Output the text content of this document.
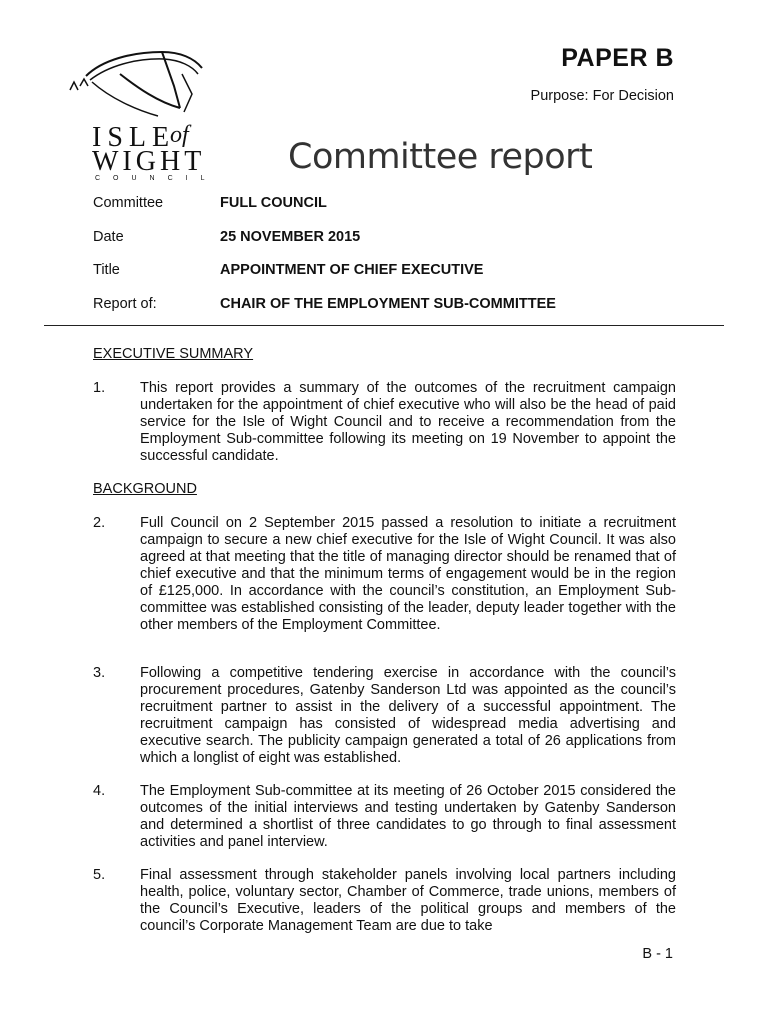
PAPER B
Purpose: For Decision
ISLE
of
WIGHT
COUNCIL
Committee report
Committee	FULL COUNCIL
Date	25 NOVEMBER 2015
Title	APPOINTMENT OF CHIEF EXECUTIVE
Report of:	CHAIR OF THE EMPLOYMENT SUB-COMMITTEE
EXECUTIVE SUMMARY
1.	This report provides a summary of the outcomes of the recruitment campaign undertaken for the appointment of chief executive who will also be the head of paid service for the Isle of Wight Council and to receive a recommendation from the Employment Sub-committee following its meeting on 19 November to appoint the successful candidate.
BACKGROUND
2.	Full Council on 2 September 2015 passed a resolution to initiate a recruitment campaign to secure a new chief executive for the Isle of Wight Council. It was also agreed at that meeting that the title of managing director should be renamed that of chief executive and that the minimum terms of engagement would be in the region of £125,000. In accordance with the council’s constitution, an Employment Sub-committee was established consisting of the leader, deputy leader together with the other members of the Employment Committee.
3.	Following a competitive tendering exercise in accordance with the council’s procurement procedures, Gatenby Sanderson Ltd was appointed as the council’s recruitment partner to assist in the delivery of a successful appointment. The recruitment campaign has consisted of widespread media advertising and executive search. The publicity campaign generated a total of 26 applications from which a longlist of eight was established.
4.	The Employment Sub-committee at its meeting of 26 October 2015 considered the outcomes of the initial interviews and testing undertaken by Gatenby Sanderson and determined a shortlist of three candidates to go through to final assessment activities and panel interview.
5.	Final assessment through stakeholder panels involving local partners including health, police, voluntary sector, Chamber of Commerce, trade unions, members of the Council’s Executive, leaders of the political groups and members of the council’s Corporate Management Team are due to take
B - 1
